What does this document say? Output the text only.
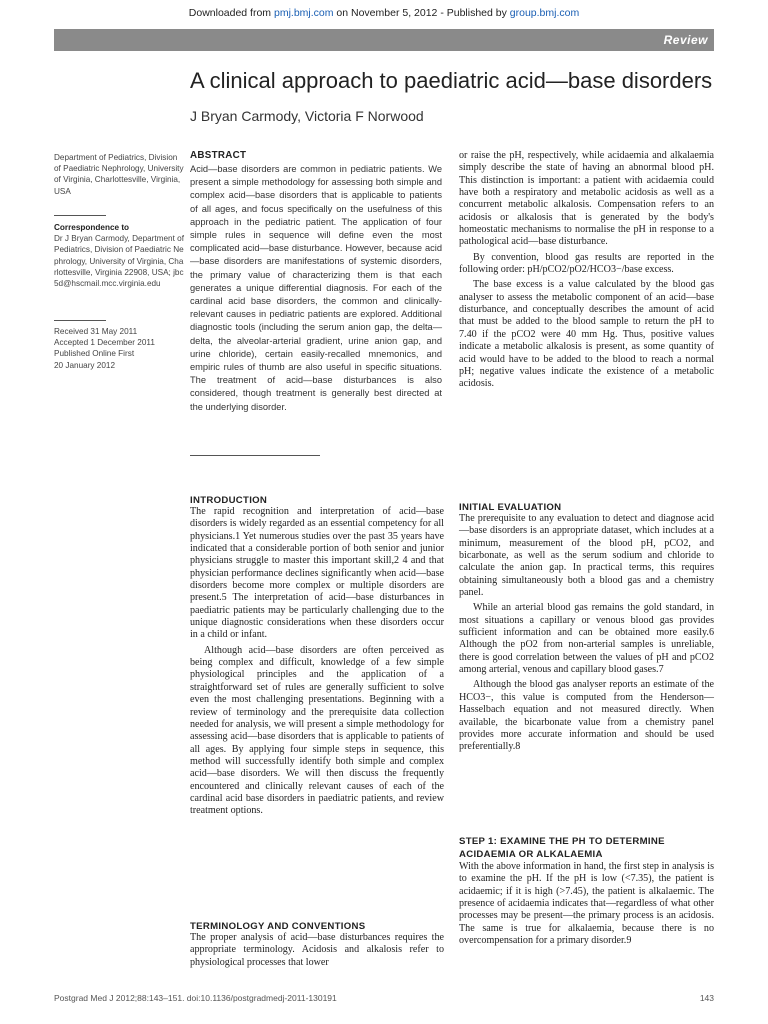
Downloaded from pmj.bmj.com on November 5, 2012 - Published by group.bmj.com
Review
A clinical approach to paediatric acid—base disorders
J Bryan Carmody, Victoria F Norwood
Department of Pediatrics, Division of Paediatric Nephrology, University of Virginia, Charlottesville, Virginia, USA
Correspondence to
Dr J Bryan Carmody, Department of Pediatrics, Division of Paediatric Nephrology, University of Virginia, Charlottesville, Virginia 22908, USA; jbc5d@hscmail.mcc.virginia.edu
Received 31 May 2011
Accepted 1 December 2011
Published Online First
20 January 2012
ABSTRACT

Acid—base disorders are common in pediatric patients. We present a simple methodology for assessing both simple and complex acid—base disorders that is applicable to patients of all ages, and focus specifically on the usefulness of this approach in the pediatric patient. The application of four simple rules in sequence will define even the most complicated acid—base disturbance. However, because acid—base disorders are manifestations of systemic disorders, the primary value of characterizing them is that each generates a unique differential diagnosis. For each of the cardinal acid base disorders, the common and clinically-relevant causes in pediatric patients are explored. Additional diagnostic tools (including the serum anion gap, the delta—delta, the alveolar-arterial gradient, urine anion gap, and urine chloride), certain easily-recalled mnemonics, and empiric rules of thumb are also useful in specific situations. The treatment of acid—base disturbances is also considered, though treatment is generally best directed at the underlying disorder.

INTRODUCTION

The rapid recognition and interpretation of acid—base disorders is widely regarded as an essential competency for all physicians.1 Yet numerous studies over the past 35 years have indicated that a considerable portion of both senior and junior physicians struggle to master this important skill,2 4 and that physician performance declines significantly when acid—base disorders become more complex or multiple disorders are present.5 The interpretation of acid—base disturbances in paediatric patients may be particularly challenging due to the unique diagnostic considerations when these disorders occur in a child or infant.

Although acid—base disorders are often perceived as being complex and difficult, knowledge of a few simple physiological principles and the application of a straightforward set of rules are generally sufficient to solve even the most challenging presentations. Beginning with a review of terminology and the prerequisite data collection needed for analysis, we will present a simple methodology for assessing acid—base disorders that is applicable to patients of all ages. By applying four simple steps in sequence, this method will successfully identify both simple and complex acid—base disorders. We will then discuss the frequently encountered and clinically relevant causes of each of the cardinal acid base disorders in paediatric patients, and review treatment options.

TERMINOLOGY AND CONVENTIONS

The proper analysis of acid—base disturbances requires the appropriate terminology. Acidosis and alkalosis refer to physiological processes that lower

or raise the pH, respectively, while acidaemia and alkalaemia simply describe the state of having an abnormal blood pH. This distinction is important: a patient with acidaemia could have both a respiratory and metabolic acidosis as well as a concurrent metabolic alkalosis. Compensation refers to an acidosis or alkalosis that is generated by the body's homeostatic mechanisms to normalise the pH in response to a pathological acid—base disturbance.

By convention, blood gas results are reported in the following order: pH/pCO2/pO2/HCO3−/base excess.

The base excess is a value calculated by the blood gas analyser to assess the metabolic component of an acid—base disturbance, and conceptually describes the amount of acid that must be added to the blood sample to return the pH to 7.40 if the pCO2 were 40 mm Hg. Thus, positive values indicate a metabolic alkalosis is present, as some quantity of acid would have to be added to the blood to reach a normal pH; negative values indicate the existence of a metabolic acidosis.

INITIAL EVALUATION

The prerequisite to any evaluation to detect and diagnose acid—base disorders is an appropriate dataset, which includes at a minimum, measurement of the blood pH, pCO2, and bicarbonate, as well as the serum sodium and chloride to calculate the anion gap. In practical terms, this requires obtaining simultaneously both a blood gas and a chemistry panel.

While an arterial blood gas remains the gold standard, in most situations a capillary or venous blood gas provides sufficient information and can be obtained more easily.6 Although the pO2 from non-arterial samples is unreliable, there is good correlation between the values of pH and pCO2 among arterial, venous and capillary blood gases.7

Although the blood gas analyser reports an estimate of the HCO3−, this value is computed from the Henderson—Hasselbach equation and not measured directly. When available, the bicarbonate value from a chemistry panel provides more accurate information and should be used preferentially.8

STEP 1: EXAMINE THE PH TO DETERMINE ACIDAEMIA OR ALKALAEMIA

With the above information in hand, the first step in analysis is to examine the pH. If the pH is low (<7.35), the patient is acidaemic; if it is high (>7.45), the patient is alkalaemic. The presence of acidaemia indicates that—regardless of what other processes may be present—the primary process is an acidosis. The same is true for alkalaemia, because there is no overcompensation for a primary disorder.9

Postgrad Med J 2012;88:143–151. doi:10.1136/postgradmedj-2011-130191	143
